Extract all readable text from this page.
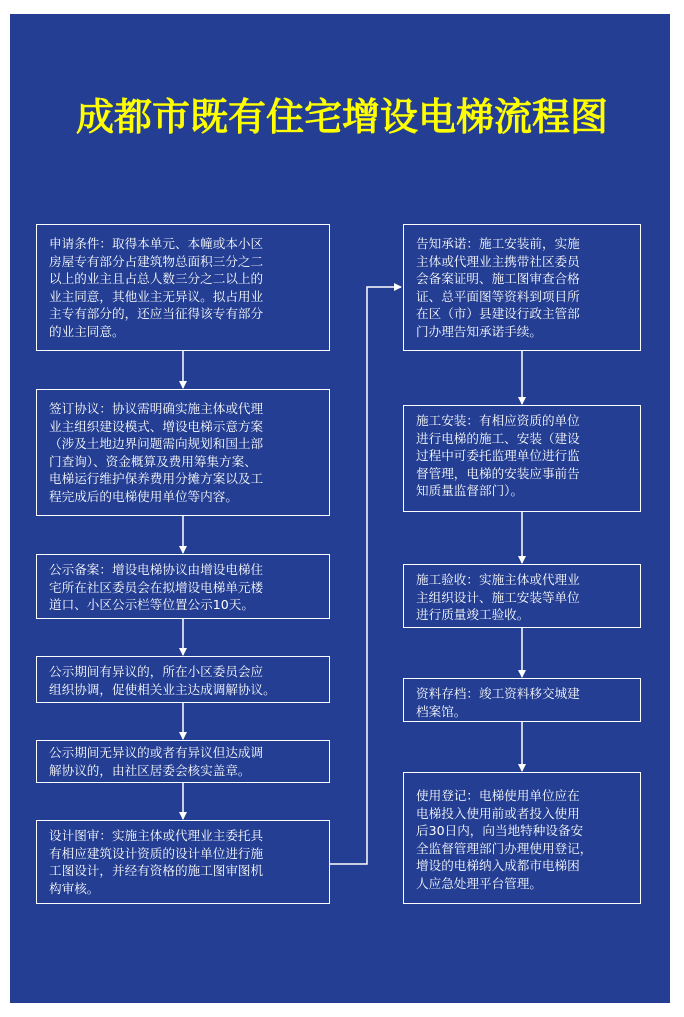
成都市既有住宅增设电梯流程图
申请条件：取得本单元、本幢或本小区
房屋专有部分占建筑物总面积三分之二
以上的业主且占总人数三分之二以上的
业主同意，其他业主无异议。拟占用业
主专有部分的，还应当征得该专有部分
的业主同意。
签订协议：协议需明确实施主体或代理
业主组织建设模式、增设电梯示意方案
（涉及土地边界问题需向规划和国土部
门查询）、资金概算及费用筹集方案、
电梯运行维护保养费用分摊方案以及工
程完成后的电梯使用单位等内容。
公示备案：增设电梯协议由增设电梯住
宅所在社区委员会在拟增设电梯单元楼
道口、小区公示栏等位置公示10天。
公示期间有异议的，所在小区委员会应
组织协调，促使相关业主达成调解协议。
公示期间无异议的或者有异议但达成调
解协议的，由社区居委会核实盖章。
设计图审：实施主体或代理业主委托具
有相应建筑设计资质的设计单位进行施
工图设计，并经有资格的施工图审图机
构审核。
告知承诺：施工安装前，实施
主体或代理业主携带社区委员
会备案证明、施工图审查合格
证、总平面图等资料到项目所
在区（市）县建设行政主管部
门办理告知承诺手续。
施工安装：有相应资质的单位
进行电梯的施工、安装（建设
过程中可委托监理单位进行监
督管理，电梯的安装应事前告
知质量监督部门）。
施工验收：实施主体或代理业
主组织设计、施工安装等单位
进行质量竣工验收。
资料存档：竣工资料移交城建
档案馆。
使用登记：电梯使用单位应在
电梯投入使用前或者投入使用
后30日内，向当地特种设备安
全监督管理部门办理使用登记，
增设的电梯纳入成都市电梯困
人应急处理平台管理。
